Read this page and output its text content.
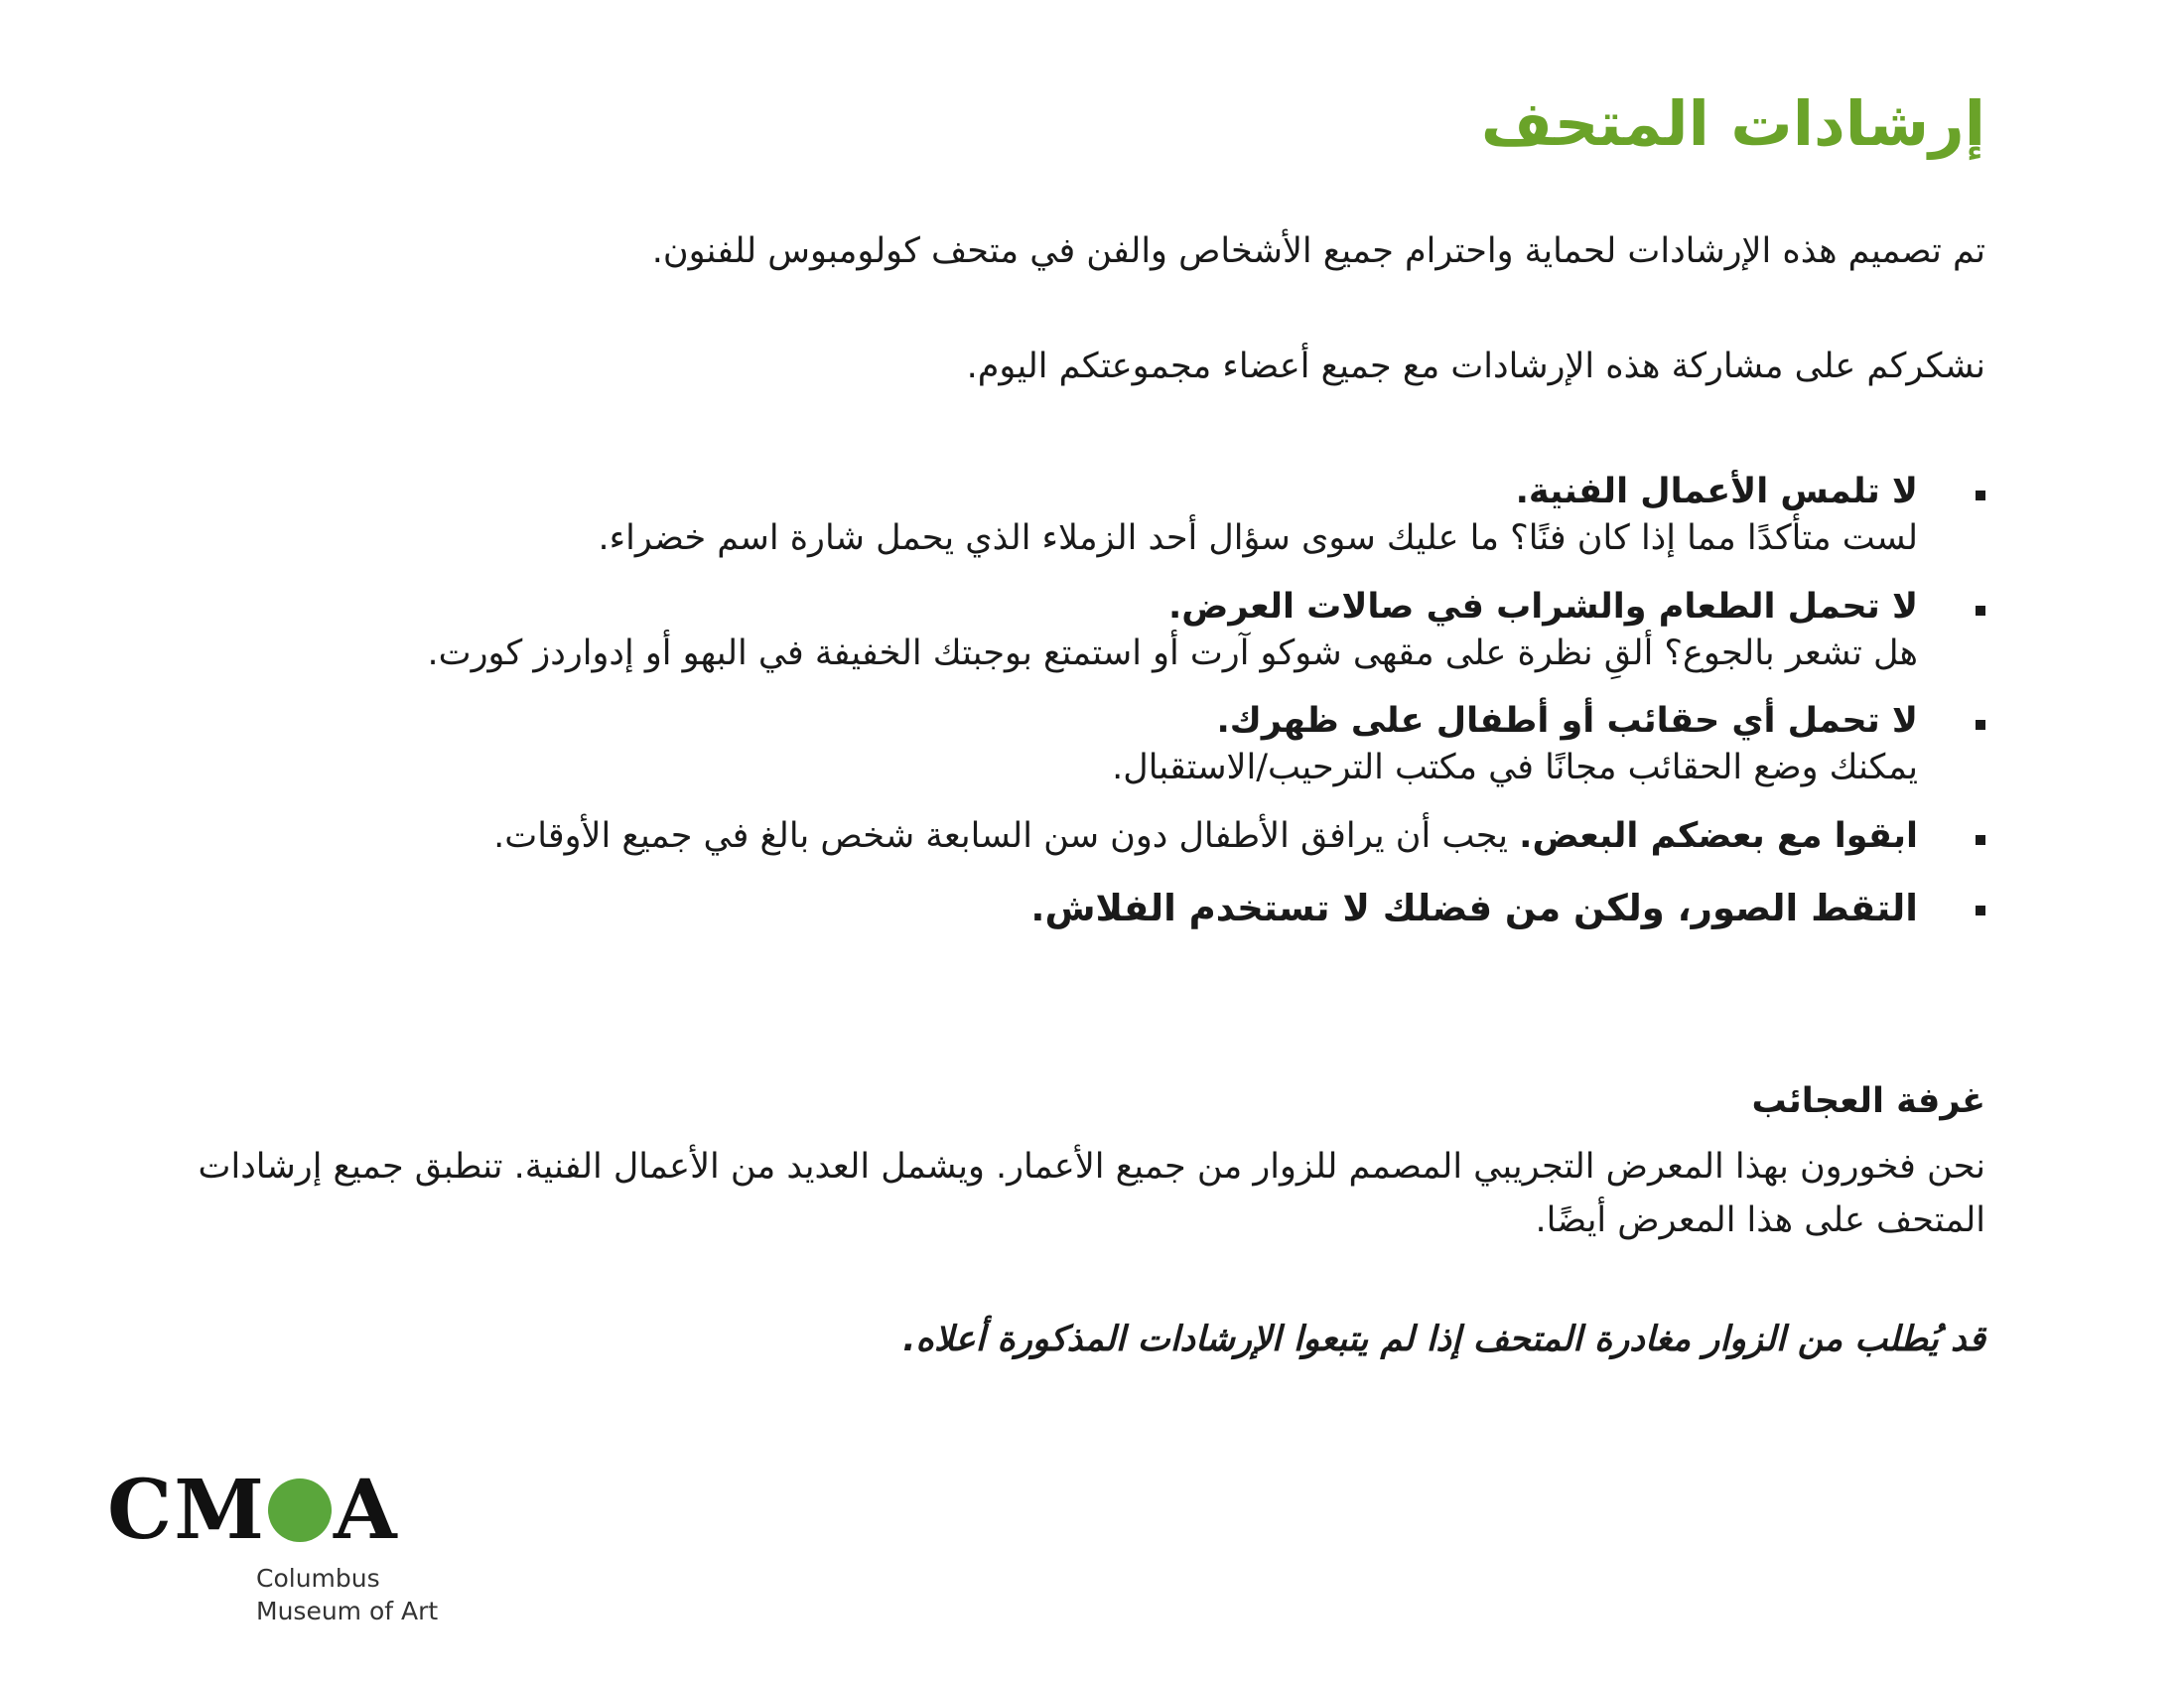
إرشادات المتحف

تم تصميم هذه الإرشادات لحماية واحترام جميع الأشخاص والفن في متحف كولومبوس للفنون.

نشكركم على مشاركة هذه الإرشادات مع جميع أعضاء مجموعتكم اليوم.

لا تلمس الأعمال الفنية.
لست متأكدًا مما إذا كان فنًا؟ ما عليك سوى سؤال أحد الزملاء الذي يحمل شارة اسم خضراء.
لا تحمل الطعام والشراب في صالات العرض.
هل تشعر بالجوع؟ ألقِ نظرة على مقهى شوكو آرت أو استمتع بوجبتك الخفيفة في البهو أو إدواردز كورت.
لا تحمل أي حقائب أو أطفال على ظهرك.
يمكنك وضع الحقائب مجانًا في مكتب الترحيب/الاستقبال.
ابقوا مع بعضكم البعض. يجب أن يرافق الأطفال دون سن السابعة شخص بالغ في جميع الأوقات.
التقط الصور، ولكن من فضلك لا تستخدم الفلاش.
غرفة العجائب

نحن فخورون بهذا المعرض التجريبي المصمم للزوار من جميع الأعمار. ويشمل العديد من الأعمال الفنية. تنطبق جميع إرشادات المتحف على هذا المعرض أيضًا.

قد يُطلب من الزوار مغادرة المتحف إذا لم يتبعوا الإرشادات المذكورة أعلاه.

C M A
Columbus
Museum of Art
